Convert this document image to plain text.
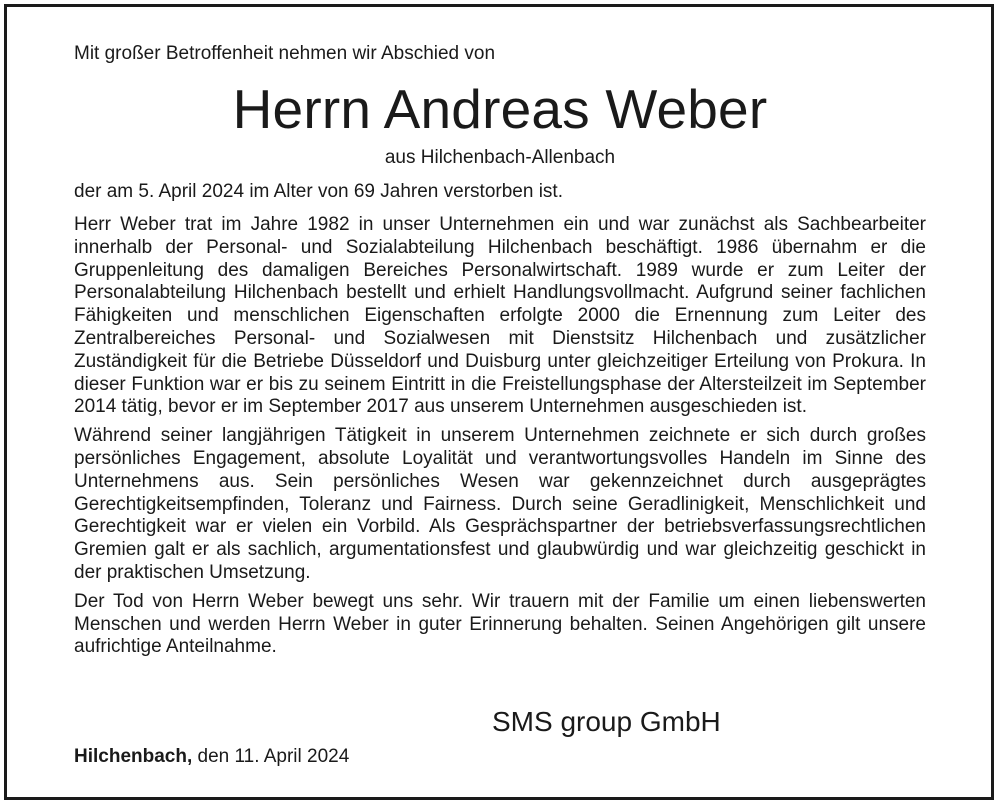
Mit großer Betroffenheit nehmen wir Abschied von

Herrn Andreas Weber

aus Hilchenbach-Allenbach

der am 5. April 2024 im Alter von 69 Jahren verstorben ist.

Herr Weber trat im Jahre 1982 in unser Unternehmen ein und war zunächst als Sachbearbeiter innerhalb der Personal- und Sozialabteilung Hilchenbach beschäftigt. 1986 übernahm er die Gruppenleitung des damaligen Bereiches Personalwirtschaft. 1989 wurde er zum Leiter der Personalabteilung Hilchenbach bestellt und erhielt Handlungsvollmacht. Aufgrund seiner fachlichen Fähigkeiten und menschlichen Eigenschaften erfolgte 2000 die Ernennung zum Leiter des Zentralbereiches Personal- und Sozialwesen mit Dienstsitz Hilchenbach und zusätzlicher Zuständigkeit für die Betriebe Düsseldorf und Duisburg unter gleichzeitiger Erteilung von Prokura. In dieser Funktion war er bis zu seinem Eintritt in die Freistellungsphase der Altersteilzeit im September 2014 tätig, bevor er im September 2017 aus unserem Unternehmen ausgeschieden ist.

Während seiner langjährigen Tätigkeit in unserem Unternehmen zeichnete er sich durch großes persönliches Engagement, absolute Loyalität und verantwortungsvolles Handeln im Sinne des Unternehmens aus. Sein persönliches Wesen war gekennzeichnet durch ausgeprägtes Gerechtigkeitsempfinden, Toleranz und Fairness. Durch seine Geradlinigkeit, Menschlichkeit und Gerechtigkeit war er vielen ein Vorbild. Als Gesprächspartner der betriebsverfassungsrechtlichen Gremien galt er als sachlich, argumentationsfest und glaubwürdig und war gleichzeitig geschickt in der praktischen Umsetzung.

Der Tod von Herrn Weber bewegt uns sehr. Wir trauern mit der Familie um einen liebenswerten Menschen und werden Herrn Weber in guter Erinnerung behalten. Seinen Angehörigen gilt unsere aufrichtige Anteilnahme.

SMS group GmbH

Hilchenbach, den 11. April 2024
